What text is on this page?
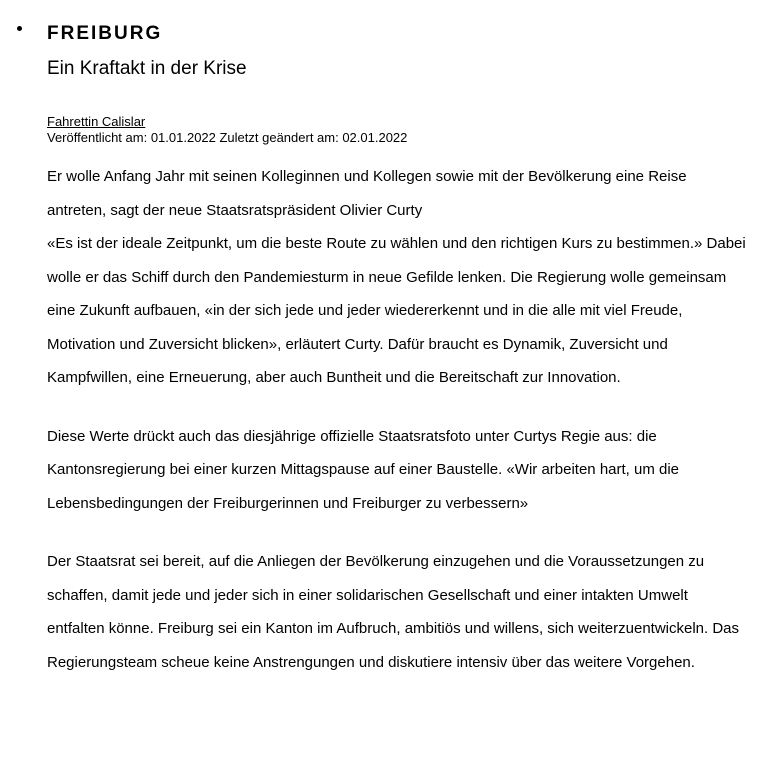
FREIBURG
Ein Kraftakt in der Krise
Fahrettin Calislar
Veröffentlicht am: 01.01.2022 Zuletzt geändert am: 02.01.2022

Er wolle Anfang Jahr mit seinen Kolleginnen und Kollegen sowie mit der Bevölkerung eine Reise antreten, sagt der neue Staatsratspräsident Olivier Curty

«Es ist der ideale Zeitpunkt, um die beste Route zu wählen und den richtigen Kurs zu bestimmen.» Dabei wolle er das Schiff durch den Pandemiesturm in neue Gefilde lenken. Die Regierung wolle gemeinsam eine Zukunft aufbauen, «in der sich jede und jeder wiedererkennt und in die alle mit viel Freude, Motivation und Zuversicht blicken», erläutert Curty. Dafür braucht es Dynamik, Zuversicht und Kampfwillen, eine Erneuerung, aber auch Buntheit und die Bereitschaft zur Innovation.

Diese Werte drückt auch das diesjährige offizielle Staatsratsfoto unter Curtys Regie aus: die Kantonsregierung bei einer kurzen Mittagspause auf einer Baustelle. «Wir arbeiten hart, um die Lebensbedingungen der Freiburgerinnen und Freiburger zu verbessern»

Der Staatsrat sei bereit, auf die Anliegen der Bevölkerung einzugehen und die Voraussetzungen zu schaffen, damit jede und jeder sich in einer solidarischen Gesellschaft und einer intakten Umwelt entfalten könne. Freiburg sei ein Kanton im Aufbruch, ambitiös und willens, sich weiterzuentwickeln. Das Regierungsteam scheue keine Anstrengungen und diskutiere intensiv über das weitere Vorgehen.
